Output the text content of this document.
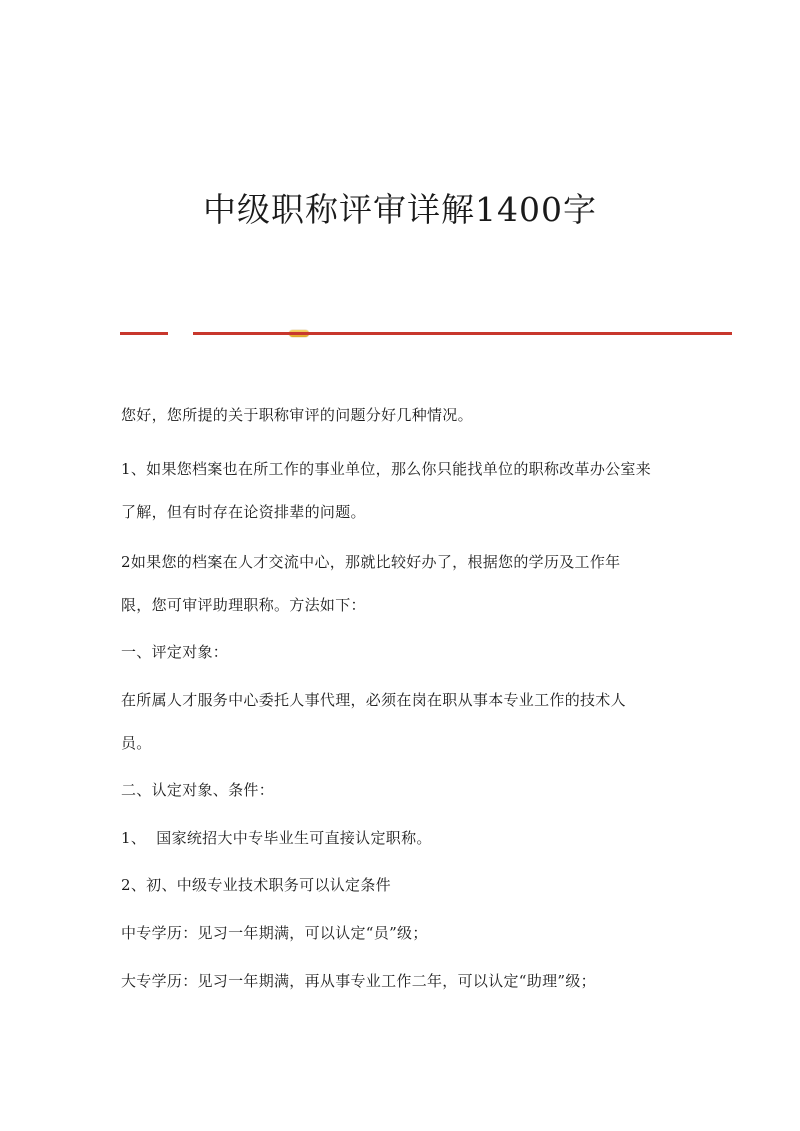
中级职称评审详解1400字

您好，您所提的关于职称审评的问题分好几种情况。

1、如果您档案也在所工作的事业单位，那么你只能找单位的职称改革办公室来

了解，但有时存在论资排辈的问题。

2如果您的档案在人才交流中心，那就比较好办了，根据您的学历及工作年

限，您可审评助理职称。方法如下：

一、评定对象：

在所属人才服务中心委托人事代理，必须在岗在职从事本专业工作的技术人

员。

二、认定对象、条件：

1、  国家统招大中专毕业生可直接认定职称。

2、初、中级专业技术职务可以认定条件

中专学历：见习一年期满，可以认定“员”级；

大专学历：见习一年期满，再从事专业工作二年，可以认定“助理”级；
